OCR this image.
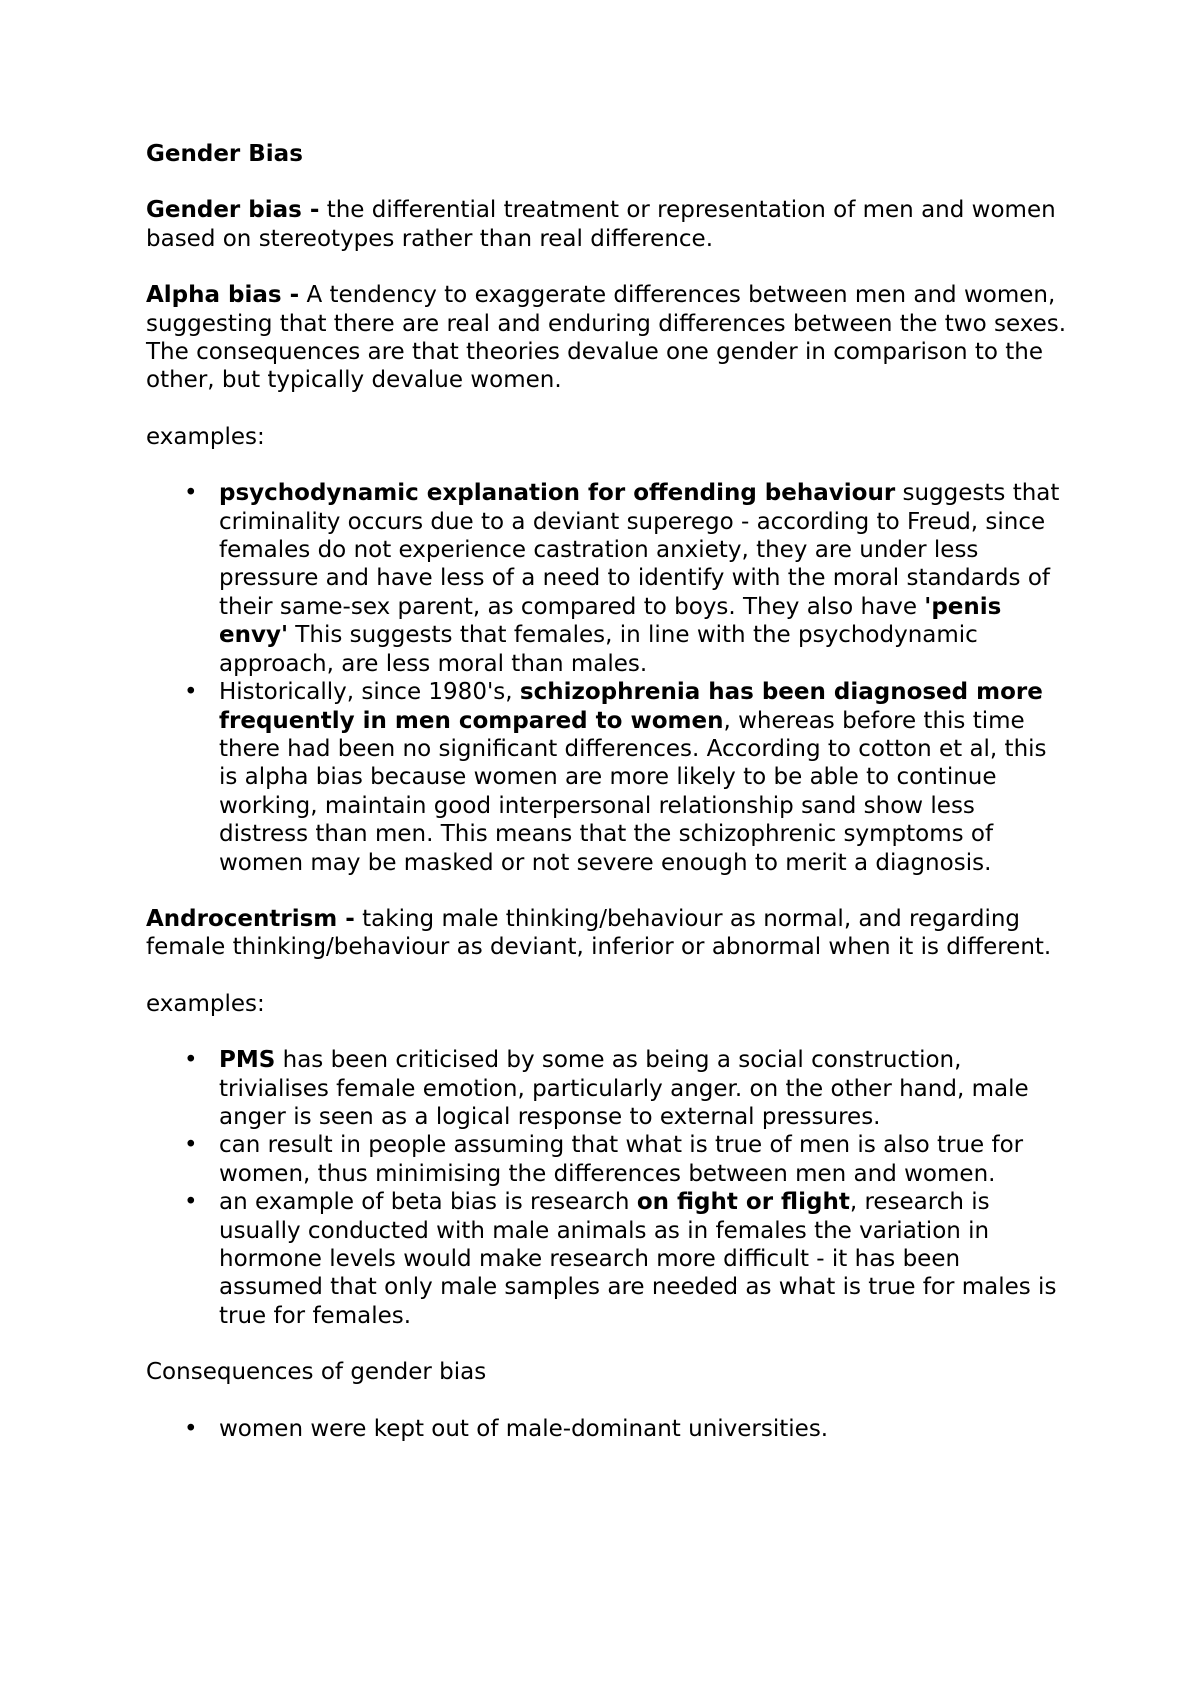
Gender Bias

Gender bias - the differential treatment or representation of men and women based on stereotypes rather than real difference.

Alpha bias - A tendency to exaggerate differences between men and women, suggesting that there are real and enduring differences between the two sexes. The consequences are that theories devalue one gender in comparison to the other, but typically devalue women.

examples:

• psychodynamic explanation for offending behaviour suggests that criminality occurs due to a deviant superego - according to Freud, since females do not experience castration anxiety, they are under less pressure and have less of a need to identify with the moral standards of their same-sex parent, as compared to boys. They also have 'penis envy' This suggests that females, in line with the psychodynamic approach, are less moral than males.
• Historically, since 1980's, schizophrenia has been diagnosed more frequently in men compared to women, whereas before this time there had been no significant differences. According to cotton et al, this is alpha bias because women are more likely to be able to continue working, maintain good interpersonal relationship sand show less distress than men. This means that the schizophrenic symptoms of women may be masked or not severe enough to merit a diagnosis.

Androcentrism - taking male thinking/behaviour as normal, and regarding female thinking/behaviour as deviant, inferior or abnormal when it is different.

examples:

• PMS has been criticised by some as being a social construction, trivialises female emotion, particularly anger. on the other hand, male anger is seen as a logical response to external pressures.
• can result in people assuming that what is true of men is also true for women, thus minimising the differences between men and women.
• an example of beta bias is research on fight or flight, research is usually conducted with male animals as in females the variation in hormone levels would make research more difficult - it has been assumed that only male samples are needed as what is true for males is true for females.

Consequences of gender bias

• women were kept out of male-dominant universities.
